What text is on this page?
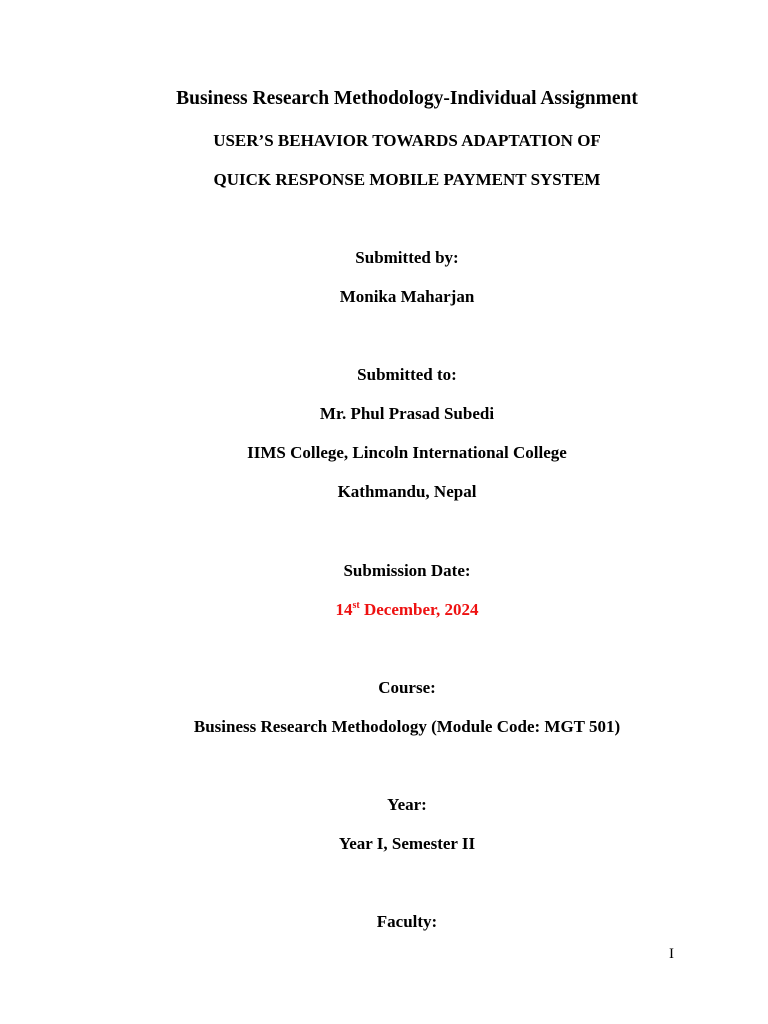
Business Research Methodology-Individual Assignment
USER’S BEHAVIOR TOWARDS ADAPTATION OF
QUICK RESPONSE MOBILE PAYMENT SYSTEM
Submitted by:
Monika Maharjan
Submitted to:
Mr. Phul Prasad Subedi
IIMS College, Lincoln International College
Kathmandu, Nepal
Submission Date:
14st December, 2024
Course:
Business Research Methodology (Module Code: MGT 501)
Year:
Year I, Semester II
Faculty:
I
